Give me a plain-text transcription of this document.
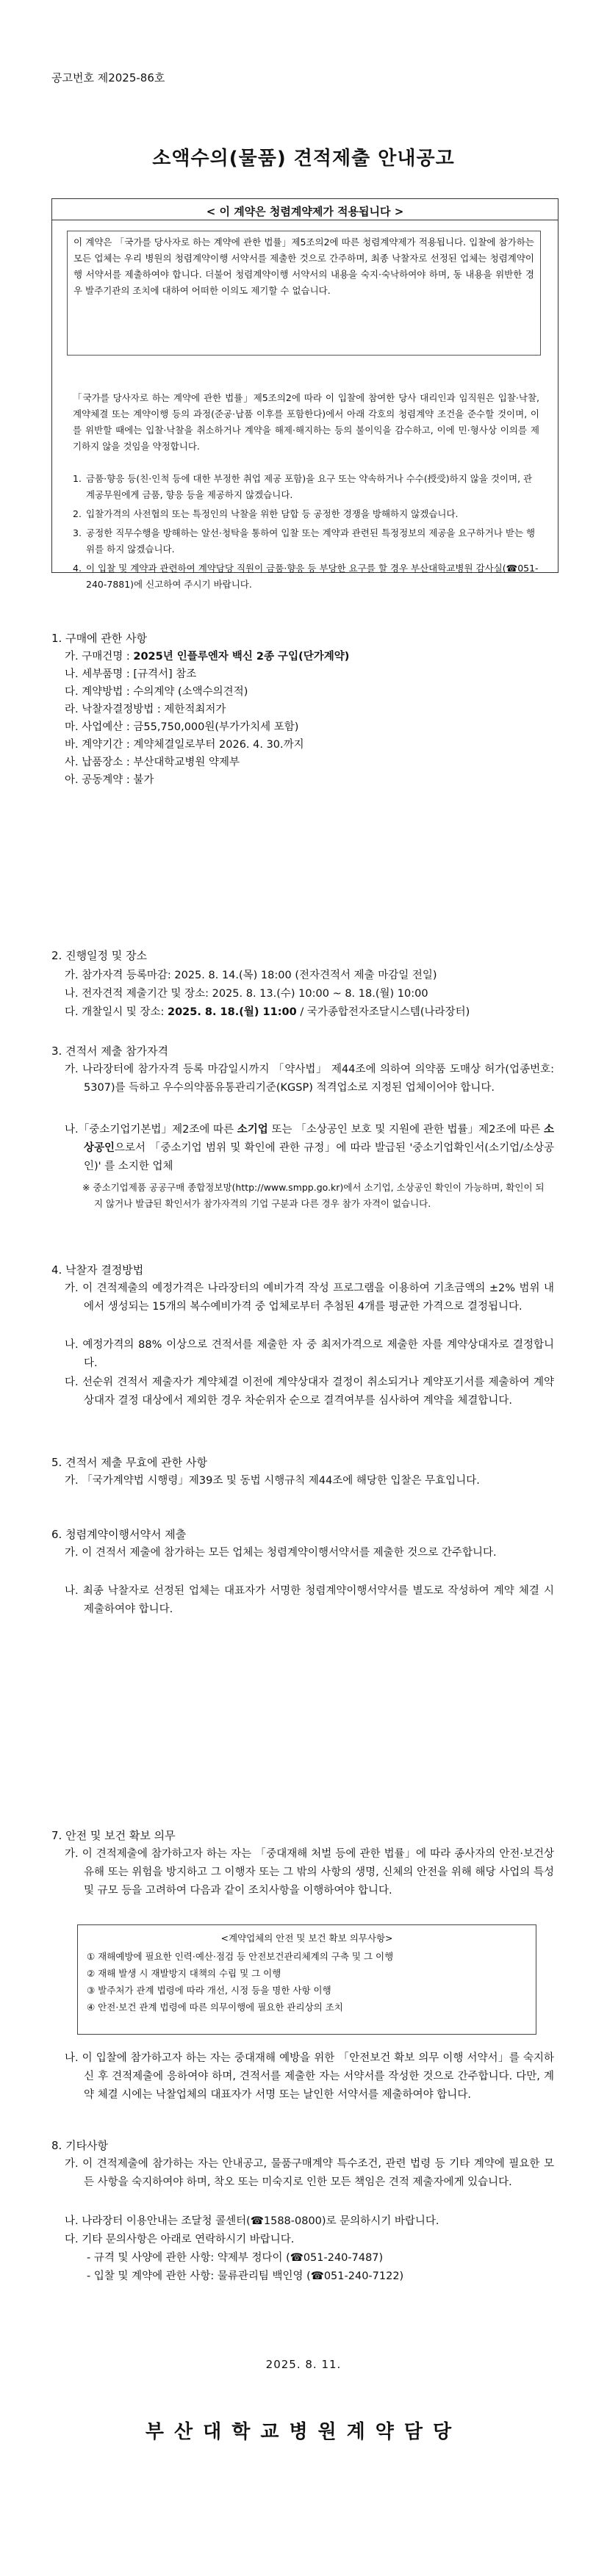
공고번호 제2025-86호
소액수의(물품) 견적제출 안내공고
< 이 계약은 청렴계약제가 적용됩니다 >
이 계약은 「국가를 당사자로 하는 계약에 관한 법률」제5조의2에 따른 청렴계약제가 적용됩니다. 입찰에 참가하는 모든 업체는 우리 병원의 청렴계약이행 서약서를 제출한 것으로 간주하며, 최종 낙찰자로 선정된 업체는 청렴계약이행 서약서를 제출하여야 합니다. 더불어 청렴계약이행 서약서의 내용을 숙지·숙낙하여야 하며, 동 내용을 위반한 경우 발주기관의 조치에 대하여 어떠한 이의도 제기할 수 없습니다.
「국가를 당사자로 하는 계약에 관한 법률」제5조의2에 따라 이 입찰에 참여한 당사 대리인과 임직원은 입찰·낙찰, 계약체결 또는 계약이행 등의 과정(준공·납품 이후를 포함한다)에서 아래 각호의 청렴계약 조건을 준수할 것이며, 이를 위반할 때에는 입찰·낙찰을 취소하거나 계약을 해제·해지하는 등의 불이익을 감수하고, 이에 민·형사상 이의를 제기하지 않을 것임을 약정합니다.
1. 금품·향응 등(친·인척 등에 대한 부정한 취업 제공 포함)을 요구 또는 약속하거나 수수(授受)하지 않을 것이며, 관계공무원에게 금품, 향응 등을 제공하지 않겠습니다.
2. 입찰가격의 사전협의 또는 특정인의 낙찰을 위한 담합 등 공정한 경쟁을 방해하지 않겠습니다.
3. 공정한 직무수행을 방해하는 알선·청탁을 통하여 입찰 또는 계약과 관련된 특정정보의 제공을 요구하거나 받는 행위를 하지 않겠습니다.
4. 이 입찰 및 계약과 관련하여 계약담당 직원이 금품·향응 등 부당한 요구를 할 경우 부산대학교병원 감사실(☎051-240-7881)에 신고하여 주시기 바랍니다.
1. 구매에 관한 사항
가. 구매건명 : 2025년 인플루엔자 백신 2종 구입(단가계약)
나. 세부품명 : [규격서] 참조
다. 계약방법 : 수의계약 (소액수의견적)
라. 낙찰자결정방법 : 제한적최저가
마. 사업예산 : 금55,750,000원(부가가치세 포함)
바. 계약기간 : 계약체결일로부터 2026. 4. 30.까지
사. 납품장소 : 부산대학교병원 약제부
아. 공동계약 : 불가
2. 진행일정 및 장소
가. 참가자격 등록마감: 2025. 8. 14.(목) 18:00 (전자견적서 제출 마감일 전일)
나. 전자견적 제출기간 및 장소: 2025. 8. 13.(수) 10:00 ~ 8. 18.(월) 10:00
다. 개찰일시 및 장소: 2025. 8. 18.(월) 11:00 / 국가종합전자조달시스템(나라장터)
3. 견적서 제출 참가자격
가. 나라장터에 참가자격 등록 마감일시까지 「약사법」 제44조에 의하여 의약품 도매상 허가(업종번호: 5307)를 득하고 우수의약품유통관리기준(KGSP) 적격업소로 지정된 업체이어야 합니다.
나.「중소기업기본법」제2조에 따른 소기업 또는 「소상공인 보호 및 지원에 관한 법률」제2조에 따른 소상공인으로서 「중소기업 범위 및 확인에 관한 규정」에 따라 발급된 '중소기업확인서(소기업/소상공인)' 를 소지한 업체
※ 중소기업제품 공공구매 종합정보망(http://www.smpp.go.kr)에서 소기업, 소상공인 확인이 가능하며, 확인이 되지 않거나 발급된 확인서가 참가자격의 기업 구분과 다른 경우 참가 자격이 없습니다.
4. 낙찰자 결정방법
가. 이 견적제출의 예정가격은 나라장터의 예비가격 작성 프로그램을 이용하여 기초금액의 ±2% 범위 내에서 생성되는 15개의 복수예비가격 중 업체로부터 추첨된 4개를 평균한 가격으로 결정됩니다.
나. 예정가격의 88% 이상으로 견적서를 제출한 자 중 최저가격으로 제출한 자를 계약상대자로 결정합니다.
다. 선순위 견적서 제출자가 계약체결 이전에 계약상대자 결정이 취소되거나 계약포기서를 제출하여 계약상대자 결정 대상에서 제외한 경우 차순위자 순으로 결격여부를 심사하여 계약을 체결합니다.
5. 견적서 제출 무효에 관한 사항
가. 「국가계약법 시행령」제39조 및 동법 시행규칙 제44조에 해당한 입찰은 무효입니다.
6. 청렴계약이행서약서 제출
가. 이 견적서 제출에 참가하는 모든 업체는 청렴계약이행서약서를 제출한 것으로 간주합니다.
나. 최종 낙찰자로 선정된 업체는 대표자가 서명한 청렴계약이행서약서를 별도로 작성하여 계약 체결 시 제출하여야 합니다.
7. 안전 및 보건 확보 의무
가. 이 견적제출에 참가하고자 하는 자는 「중대재해 처벌 등에 관한 법률」에 따라 종사자의 안전·보건상 유해 또는 위험을 방지하고 그 이행자 또는 그 밖의 사항의 생명, 신체의 안전을 위해 해당 사업의 특성 및 규모 등을 고려하여 다음과 같이 조치사항을 이행하여야 합니다.
<계약업체의 안전 및 보건 확보 의무사항>
① 재해예방에 필요한 인력·예산·점검 등 안전보건관리체계의 구축 및 그 이행
② 재해 발생 시 재발방지 대책의 수립 및 그 이행
③ 발주처가 관계 법령에 따라 개선, 시정 등을 명한 사항 이행
④ 안전·보건 관계 법령에 따른 의무이행에 필요한 관리상의 조치
나. 이 입찰에 참가하고자 하는 자는 중대재해 예방을 위한 「안전보건 확보 의무 이행 서약서」를 숙지하신 후 견적제출에 응하여야 하며, 견적서를 제출한 자는 서약서를 작성한 것으로 간주합니다. 다만, 계약 체결 시에는 낙찰업체의 대표자가 서명 또는 날인한 서약서를 제출하여야 합니다.
8. 기타사항
가. 이 견적제출에 참가하는 자는 안내공고, 물품구매계약 특수조건, 관련 법령 등 기타 계약에 필요한 모든 사항을 숙지하여야 하며, 착오 또는 미숙지로 인한 모든 책임은 견적 제출자에게 있습니다.
나. 나라장터 이용안내는 조달청 콜센터(☎1588-0800)로 문의하시기 바랍니다.
다. 기타 문의사항은 아래로 연락하시기 바랍니다.
- 규격 및 사양에 관한 사항: 약제부 정다이 (☎051-240-7487)
- 입찰 및 계약에 관한 사항: 물류관리팀 백인영 (☎051-240-7122)
2025. 8. 11.
부산대학교병원계약담당
